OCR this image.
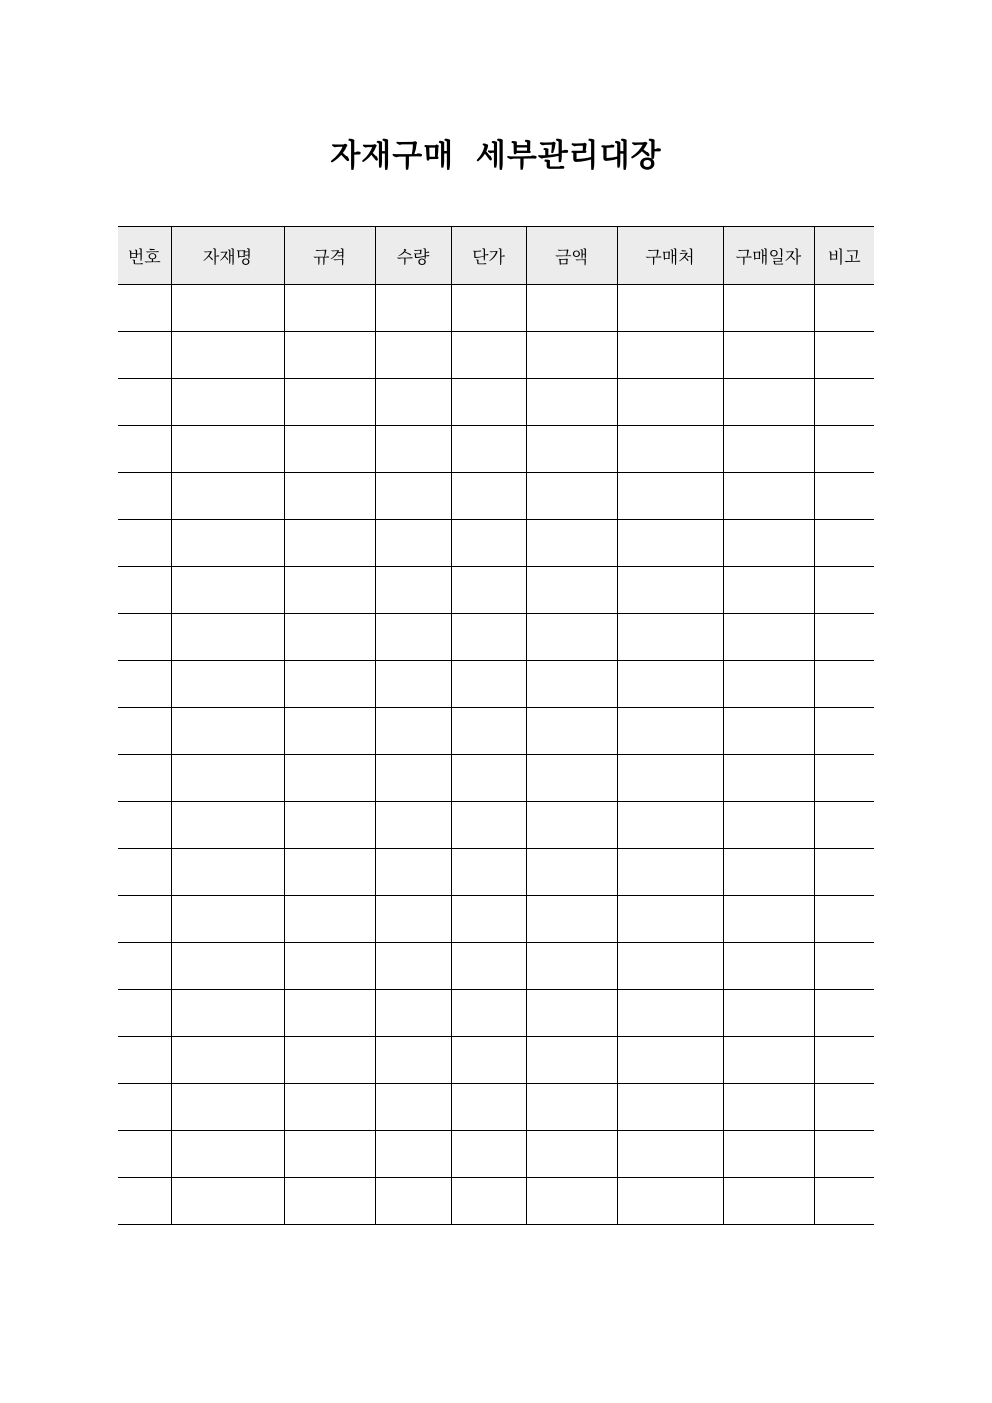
자재구매 세부관리대장
번호	자재명	규격	수량	단가	금액	구매처	구매일자	비고
